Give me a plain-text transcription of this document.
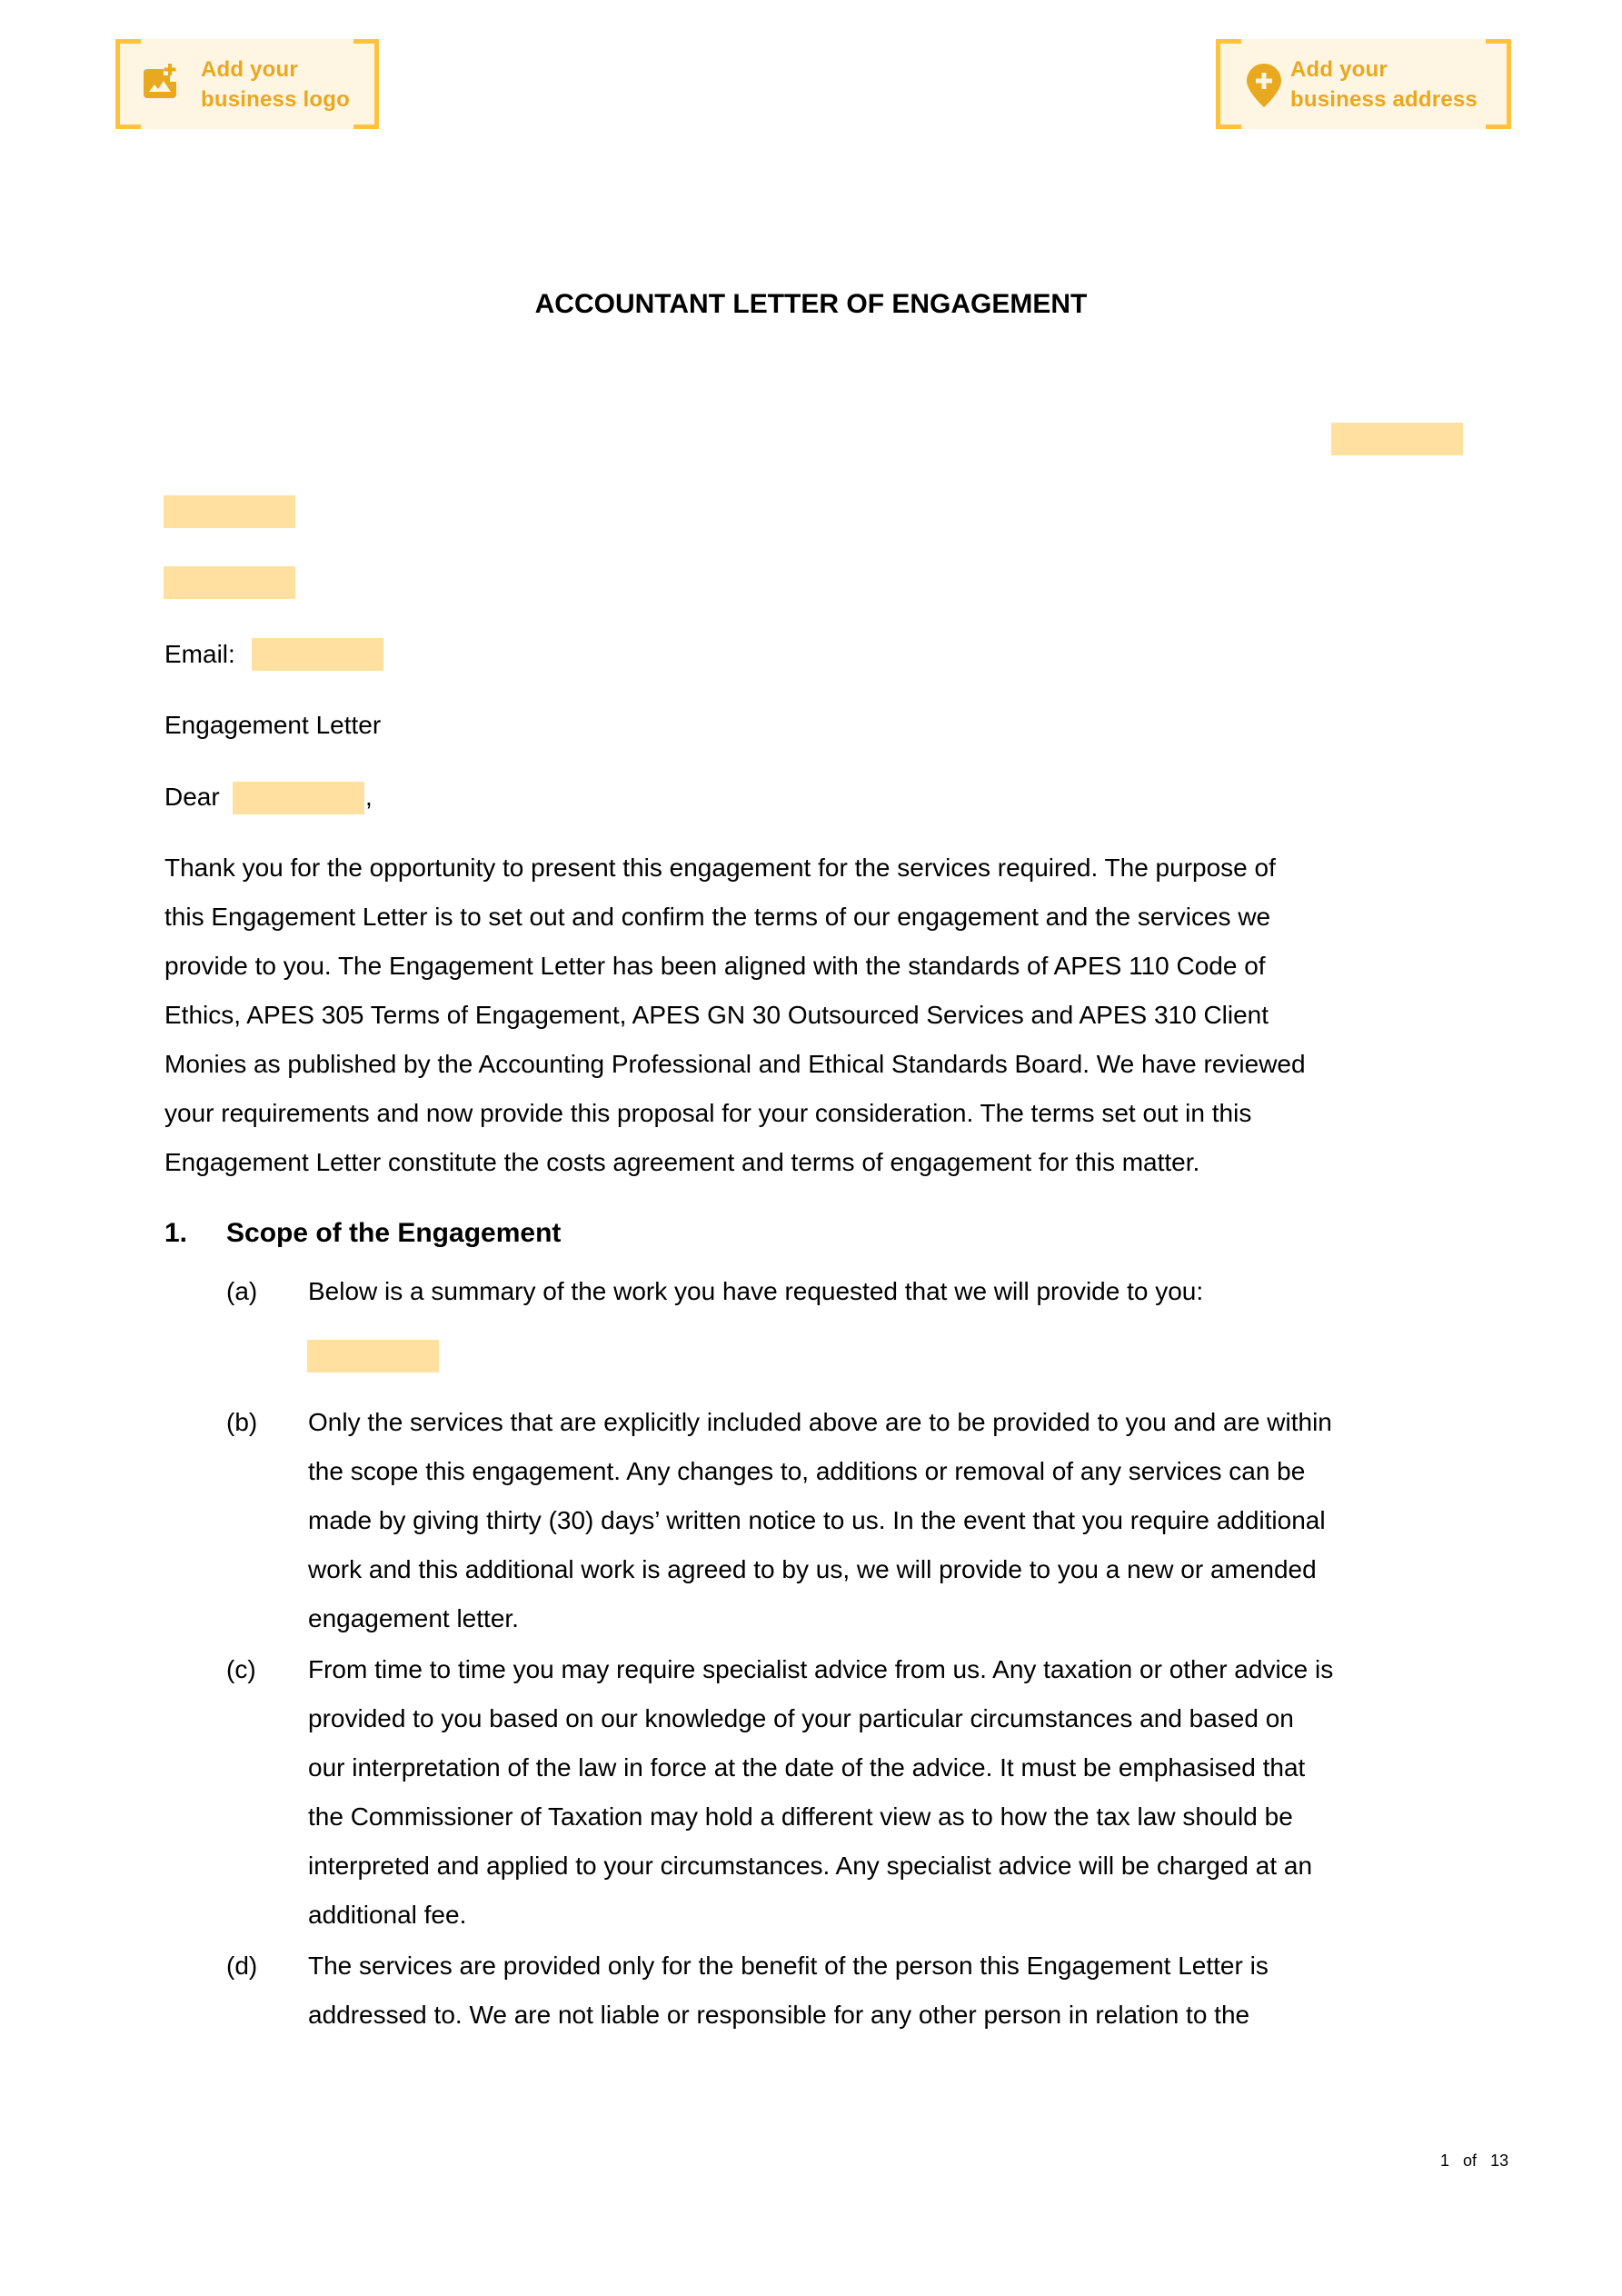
Add your
business logo
Add your
business address
ACCOUNTANT LETTER OF ENGAGEMENT
Email:
Engagement Letter
Dear	,
Thank you for the opportunity to present this engagement for the services required. The purpose of
this Engagement Letter is to set out and confirm the terms of our engagement and the services we
provide to you. The Engagement Letter has been aligned with the standards of APES 110 Code of
Ethics, APES 305 Terms of Engagement, APES GN 30 Outsourced Services and APES 310 Client
Monies as published by the Accounting Professional and Ethical Standards Board. We have reviewed
your requirements and now provide this proposal for your consideration. The terms set out in this
Engagement Letter constitute the costs agreement and terms of engagement for this matter.
1. Scope of the Engagement
(a) Below is a summary of the work you have requested that we will provide to you:
(b) Only the services that are explicitly included above are to be provided to you and are within
the scope this engagement. Any changes to, additions or removal of any services can be
made by giving thirty (30) days’ written notice to us. In the event that you require additional
work and this additional work is agreed to by us, we will provide to you a new or amended
engagement letter.
(c) From time to time you may require specialist advice from us. Any taxation or other advice is
provided to you based on our knowledge of your particular circumstances and based on
our interpretation of the law in force at the date of the advice. It must be emphasised that
the Commissioner of Taxation may hold a different view as to how the tax law should be
interpreted and applied to your circumstances. Any specialist advice will be charged at an
additional fee.
(d) The services are provided only for the benefit of the person this Engagement Letter is
addressed to. We are not liable or responsible for any other person in relation to the
1 of 13
